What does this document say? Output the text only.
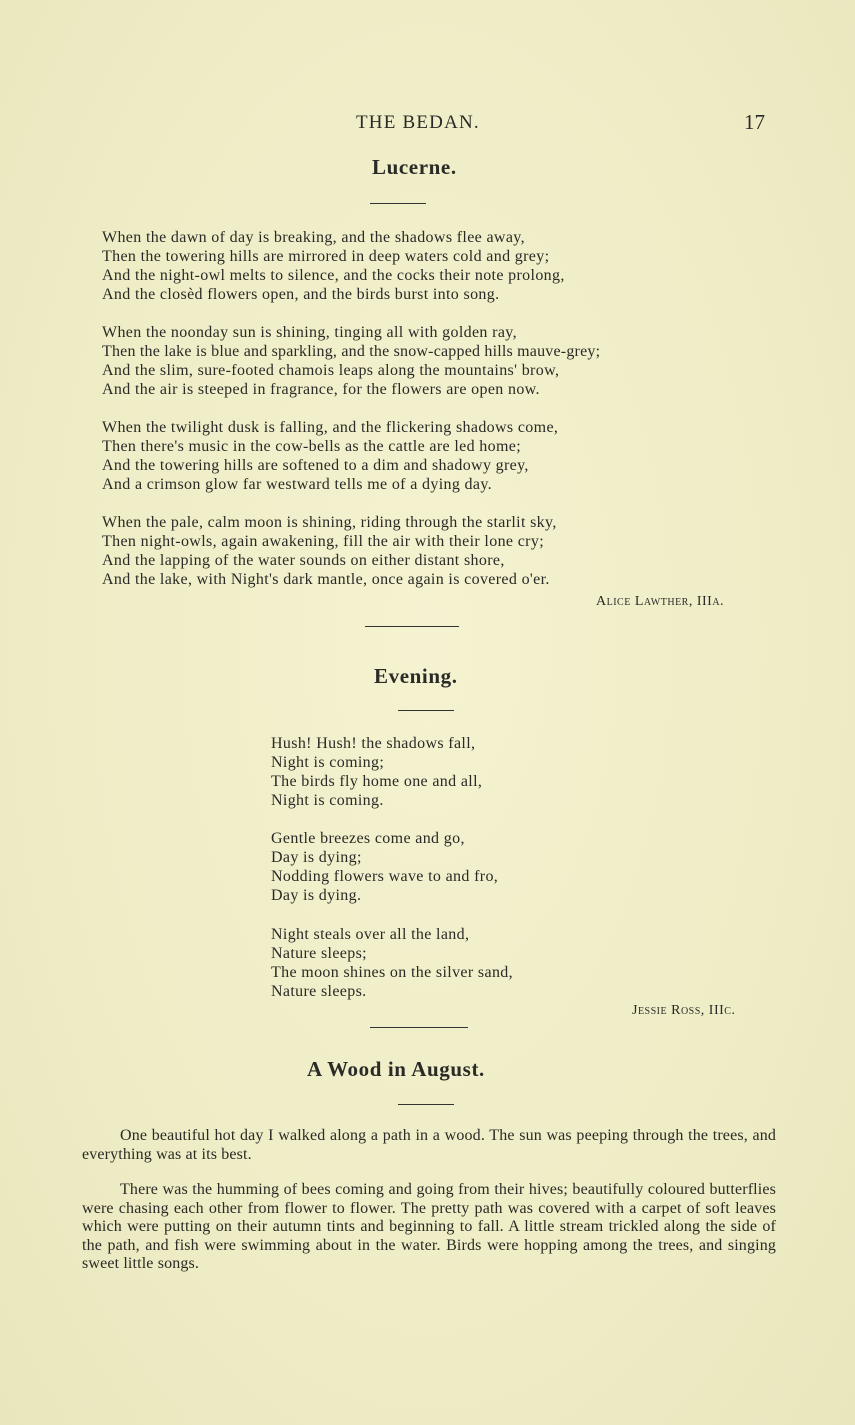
THE BEDAN.	17
Lucerne.
When the dawn of day is breaking, and the shadows flee away,
Then the towering hills are mirrored in deep waters cold and grey;
And the night-owl melts to silence, and the cocks their note prolong,
And the closèd flowers open, and the birds burst into song.
When the noonday sun is shining, tinging all with golden ray,
Then the lake is blue and sparkling, and the snow-capped hills mauve-grey;
And the slim, sure-footed chamois leaps along the mountains' brow,
And the air is steeped in fragrance, for the flowers are open now.
When the twilight dusk is falling, and the flickering shadows come,
Then there's music in the cow-bells as the cattle are led home;
And the towering hills are softened to a dim and shadowy grey,
And a crimson glow far westward tells me of a dying day.
When the pale, calm moon is shining, riding through the starlit sky,
Then night-owls, again awakening, fill the air with their lone cry;
And the lapping of the water sounds on either distant shore,
And the lake, with Night's dark mantle, once again is covered o'er.
Alice Lawther, IIIa.
Evening.
Hush! Hush! the shadows fall,
Night is coming;
The birds fly home one and all,
Night is coming.
Gentle breezes come and go,
Day is dying;
Nodding flowers wave to and fro,
Day is dying.
Night steals over all the land,
Nature sleeps;
The moon shines on the silver sand,
Nature sleeps.
Jessie Ross, IIIc.
A Wood in August.
One beautiful hot day I walked along a path in a wood. The sun was peeping through the trees, and everything was at its best.
There was the humming of bees coming and going from their hives; beautifully coloured butterflies were chasing each other from flower to flower. The pretty path was covered with a carpet of soft leaves which were putting on their autumn tints and beginning to fall. A little stream trickled along the side of the path, and fish were swimming about in the water. Birds were hopping among the trees, and singing sweet little songs.
